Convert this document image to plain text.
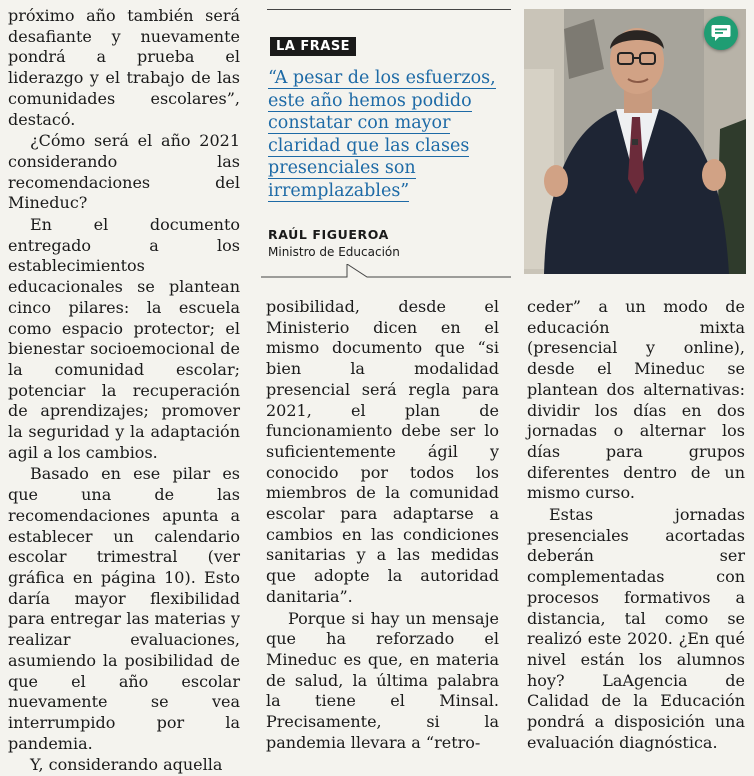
próximo año también será desafiante y nuevamente pondrá a prueba el liderazgo y el trabajo de las comunidades escolares”, destacó.

¿Cómo será el año 2021 considerando las recomendaciones del Mineduc?

En el documento entregado a los establecimientos educacionales se plantean cinco pilares: la escuela como espacio protector; el bienestar socioemocional de la comunidad escolar; potenciar la recuperación de aprendizajes; promover la seguridad y la adaptación agil a los cambios.

Basado en ese pilar es que una de las recomendaciones apunta a establecer un calendario escolar trimestral (ver gráfica en página 10). Esto daría mayor flexibilidad para entregar las materias y realizar evaluaciones, asumiendo la posibilidad de que el año escolar nuevamente se vea interrumpido por la pandemia.

Y, considerando aquella

LA FRASE
“A pesar de los esfuerzos, este año hemos podido constatar con mayor claridad que las clases presenciales son irremplazables”
RAÚL FIGUEROA
Ministro de Educación

posibilidad, desde el Ministerio dicen en el mismo documento que “si bien la modalidad presencial será regla para 2021, el plan de funcionamiento debe ser lo suficientemente ágil y conocido por todos los miembros de la comunidad escolar para adaptarse a cambios en las condiciones sanitarias y a las medidas que adopte la autoridad danitaria”.

Porque si hay un mensaje que ha reforzado el Mineduc es que, en materia de salud, la última palabra la tiene el Minsal. Precisamente, si la pandemia llevara a “retro-

ceder” a un modo de educación mixta (presencial y online), desde el Mineduc se plantean dos alternativas: dividir los días en dos jornadas o alternar los días para grupos diferentes dentro de un mismo curso.

Estas jornadas presenciales acortadas deberán ser complementadas con procesos formativos a distancia, tal como se realizó este 2020. ¿En qué nivel están los alumnos hoy? LaAgencia de Calidad de la Educación pondrá a disposición una evaluación diagnóstica.
